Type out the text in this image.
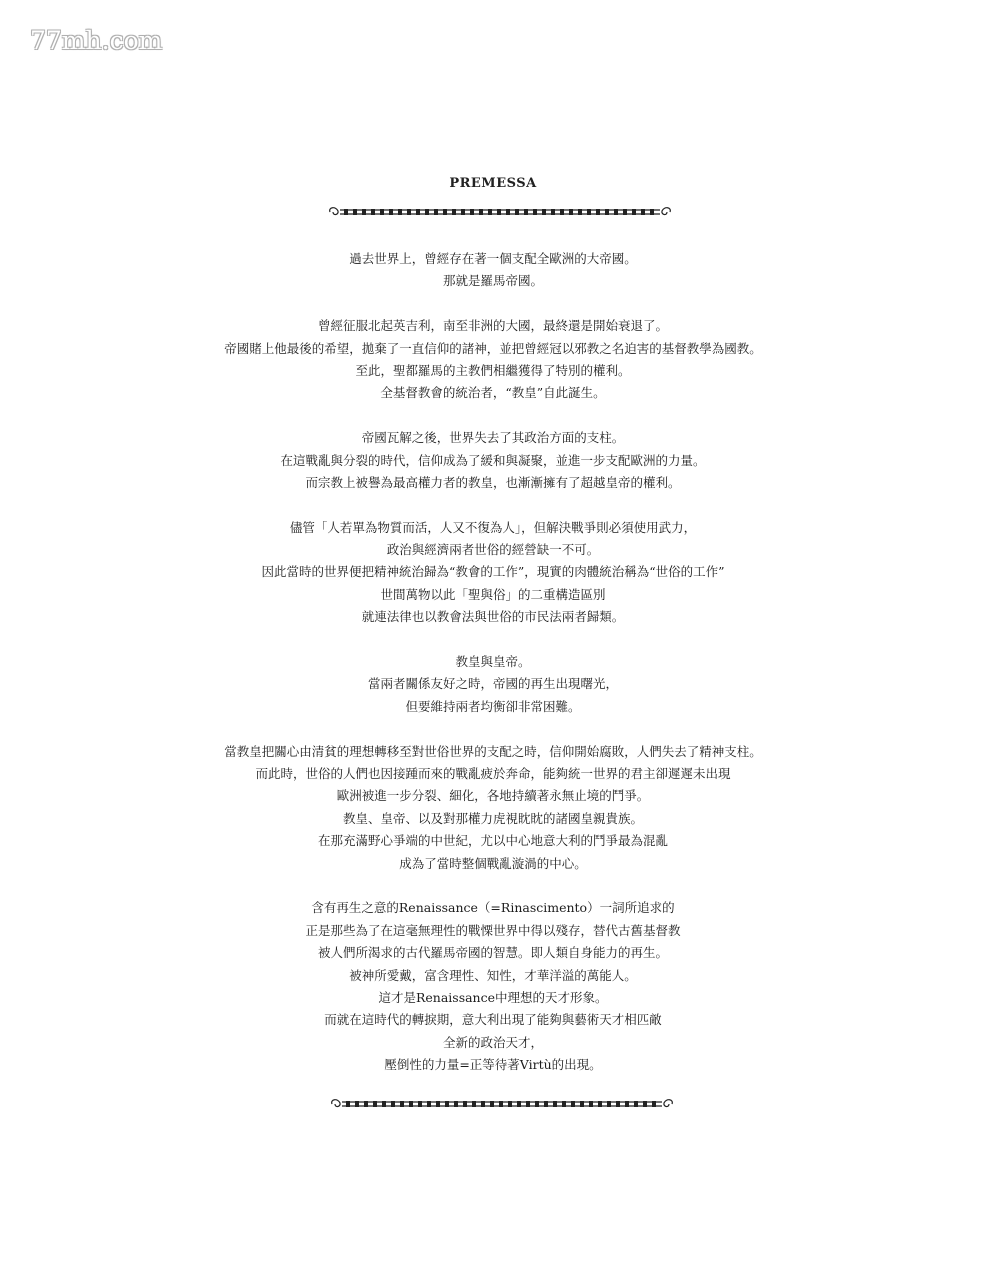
77mh.com
PREMESSA
過去世界上，曾經存在著一個支配全歐洲的大帝國。
那就是羅馬帝國。
曾經征服北起英吉利，南至非洲的大國，最終還是開始衰退了。
帝國賭上他最後的希望，拋棄了一直信仰的諸神，並把曾經冠以邪教之名迫害的基督教學為國教。
至此，聖都羅馬的主教們相繼獲得了特別的權利。
全基督教會的統治者，“教皇”自此誕生。
帝國瓦解之後，世界失去了其政治方面的支柱。
在這戰亂與分裂的時代，信仰成為了緩和與凝聚，並進一步支配歐洲的力量。
而宗教上被譽為最高權力者的教皇，也漸漸擁有了超越皇帝的權利。
儘管「人若單為物質而活，人又不復為人」，但解決戰爭則必須使用武力，
政治與經濟兩者世俗的經營缺一不可。
因此當時的世界便把精神統治歸為“教會的工作”，現實的肉體統治稱為“世俗的工作”
世間萬物以此「聖與俗」的二重構造區別
就連法律也以教會法與世俗的市民法兩者歸類。
教皇與皇帝。
當兩者關係友好之時，帝國的再生出現曙光，
但要維持兩者均衡卻非常困難。
當教皇把關心由清貧的理想轉移至對世俗世界的支配之時，信仰開始腐敗，人們失去了精神支柱。
而此時，世俗的人們也因接踵而來的戰亂疲於奔命，能夠統一世界的君主卻遲遲未出現
歐洲被進一步分裂、細化，各地持續著永無止境的鬥爭。
教皇、皇帝、以及對那權力虎視眈眈的諸國皇親貴族。
在那充滿野心爭端的中世紀，尤以中心地意大利的鬥爭最為混亂
成為了當時整個戰亂漩渦的中心。
含有再生之意的Renaissance（=Rinascimento）一詞所追求的
正是那些為了在這毫無理性的戰慄世界中得以殘存，替代古舊基督教
被人們所渴求的古代羅馬帝國的智慧。即人類自身能力的再生。
被神所愛戴，富含理性、知性，才華洋溢的萬能人。
這才是Renaissance中理想的天才形象。
而就在這時代的轉捩期，意大利出現了能夠與藝術天才相匹敵
全新的政治天才，
壓倒性的力量=正等待著Virtù的出現。
